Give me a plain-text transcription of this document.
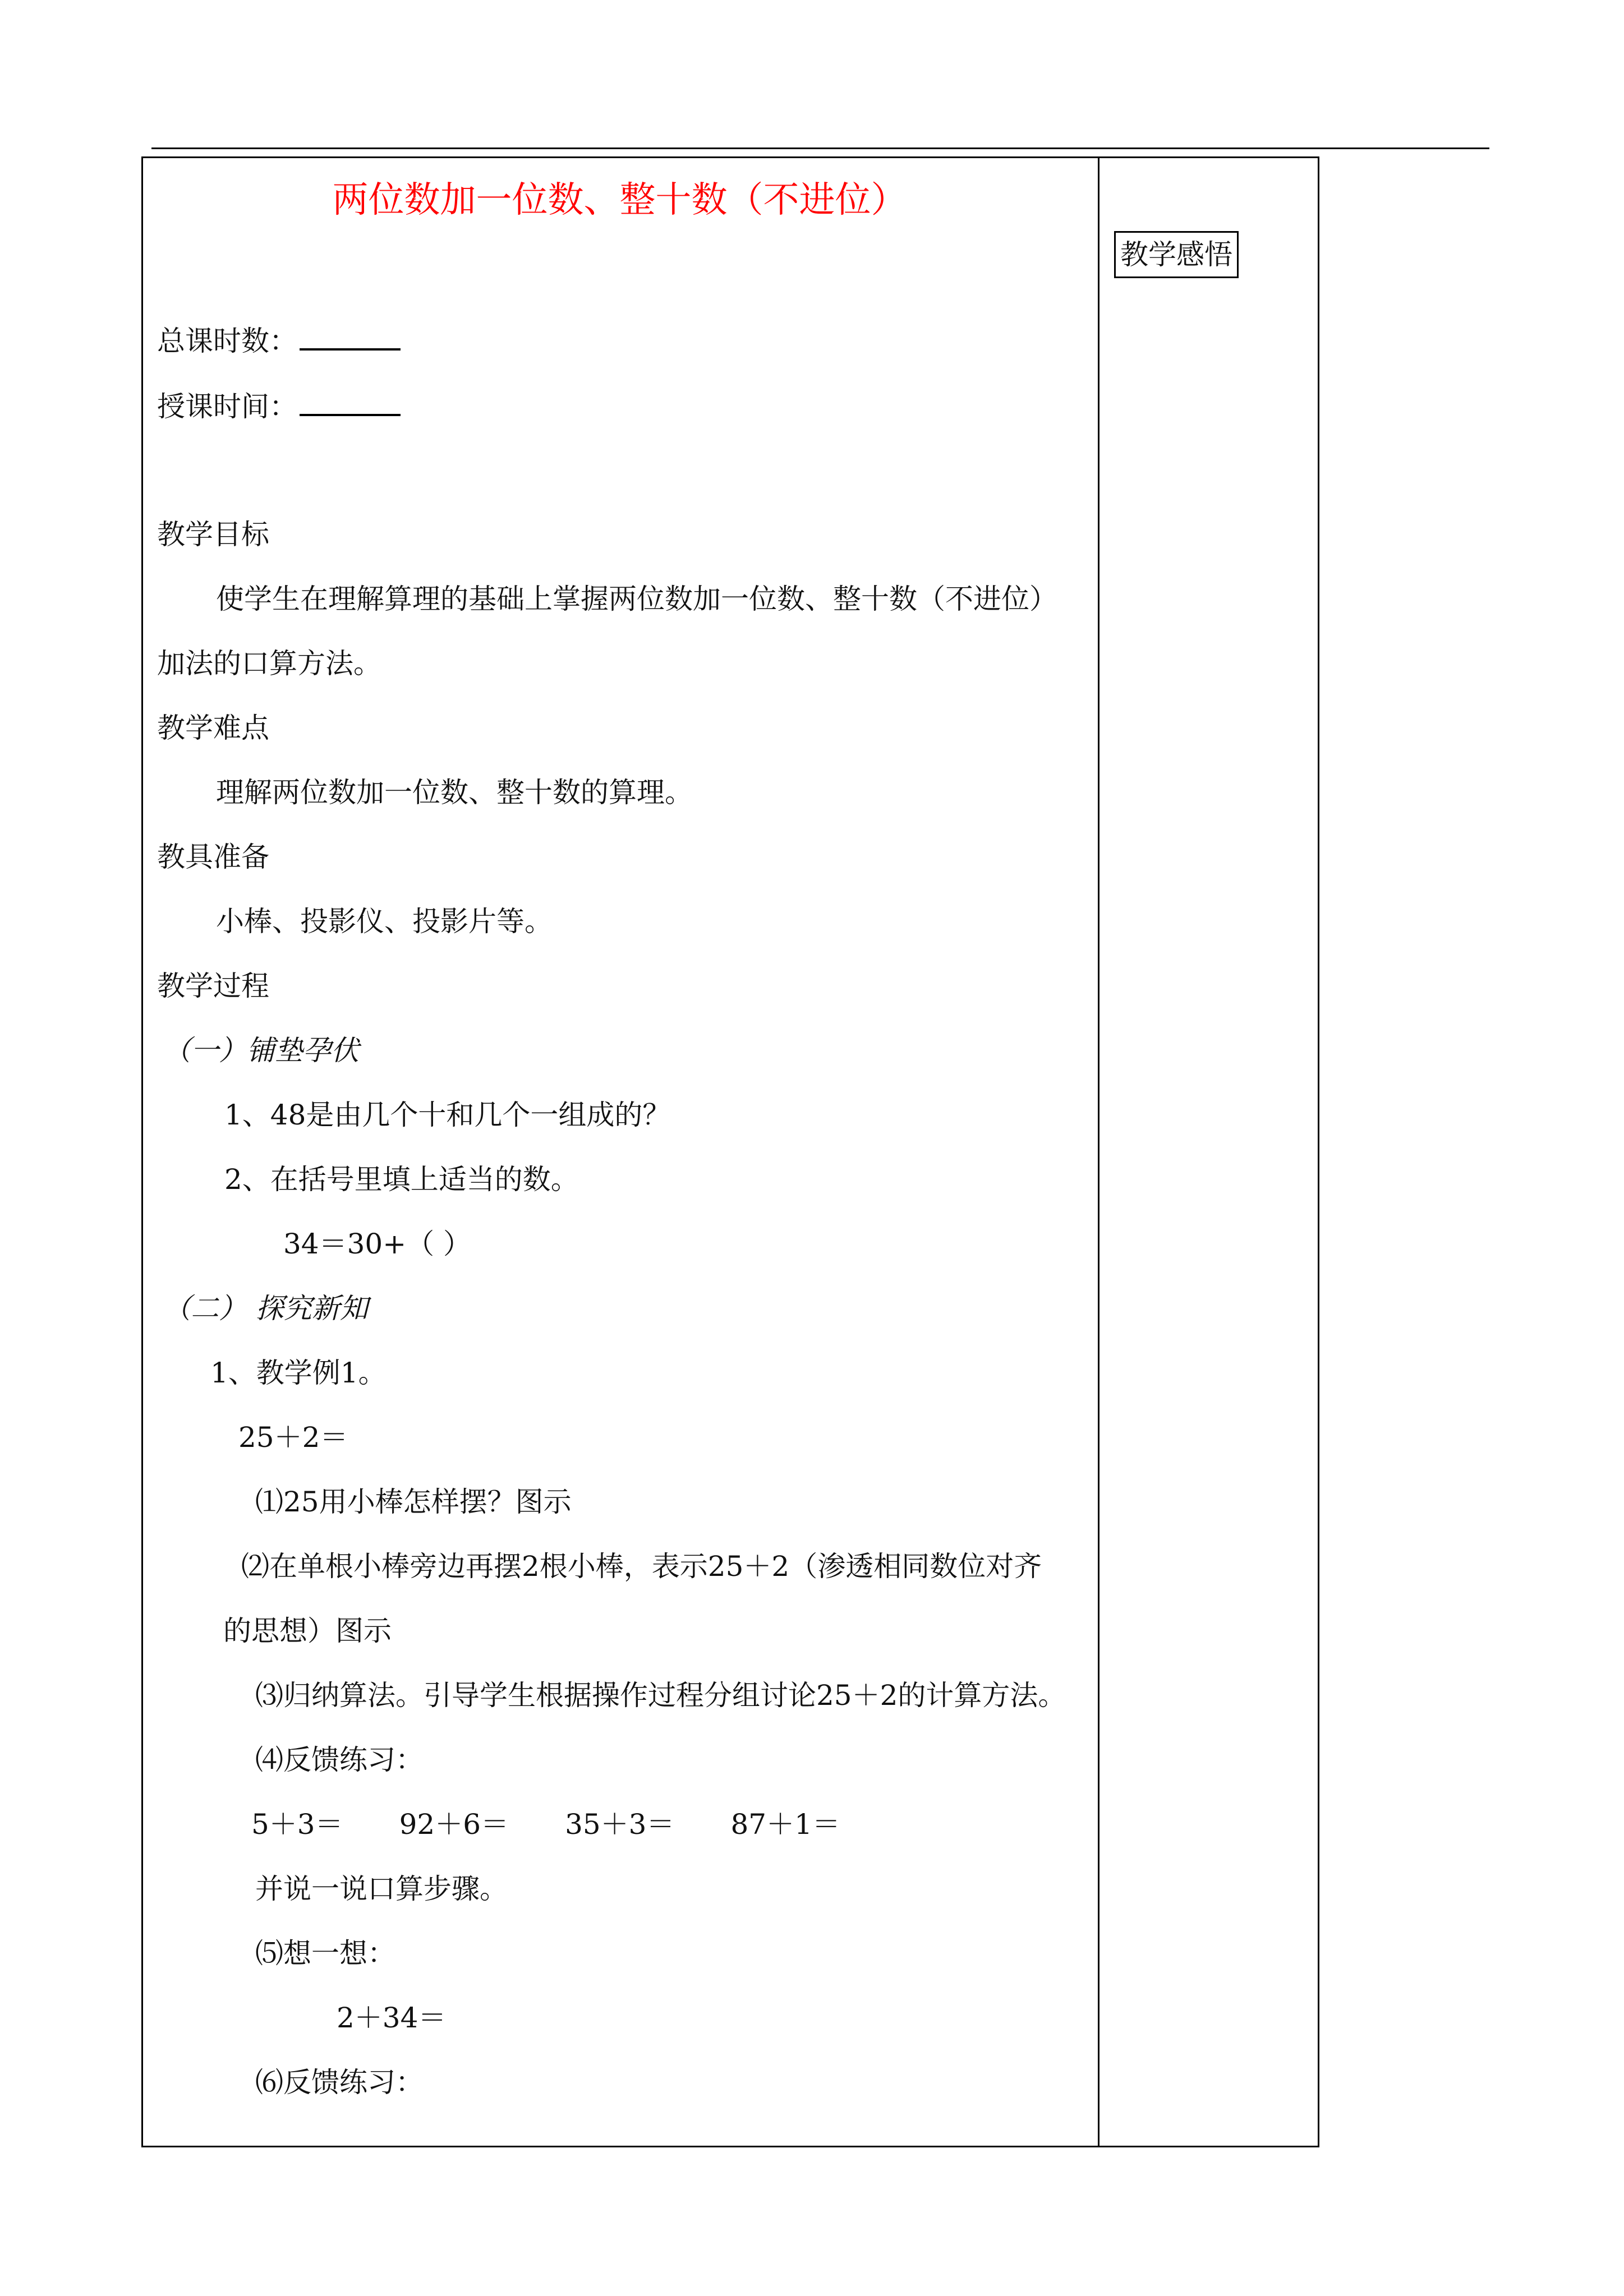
教学感悟
两位数加一位数、整十数（不进位）
总课时数：
授课时间：
教学目标
使学生在理解算理的基础上掌握两位数加一位数、整十数（不进位）
加法的口算方法。
教学难点
理解两位数加一位数、整十数的算理。
教具准备
小棒、投影仪、投影片等。
教学过程
（一）铺垫孕伏
1、48是由几个十和几个一组成的？
2、在括号里填上适当的数。
34＝30+（ ）
（二） 探究新知
1、教学例1。
25＋2＝
⑴25用小棒怎样摆？图示
⑵在单根小棒旁边再摆2根小棒，表示25＋2（渗透相同数位对齐
的思想）图示
⑶归纳算法。引导学生根据操作过程分组讨论25＋2的计算方法。
⑷反馈练习：
5＋3＝ 92＋6＝ 35＋3＝ 87＋1＝
并说一说口算步骤。
⑸想一想：
2＋34＝
⑹反馈练习：
